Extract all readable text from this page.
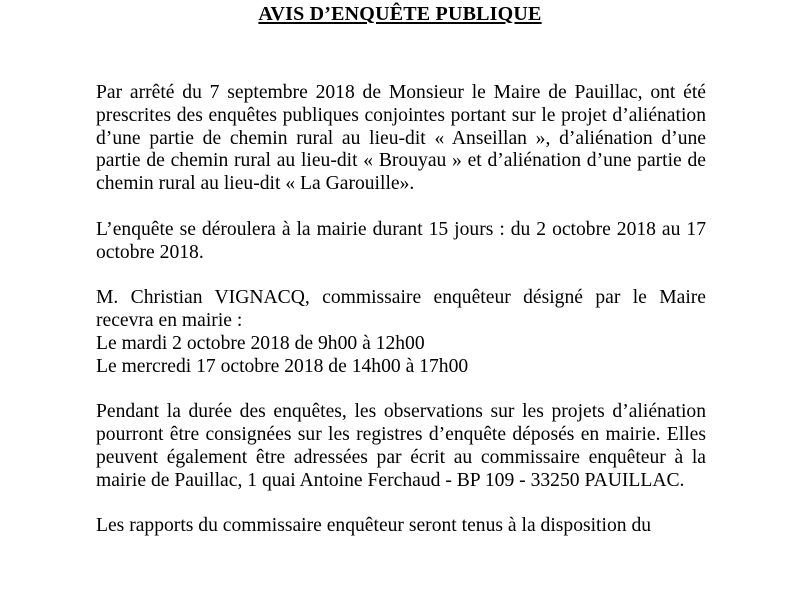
AVIS D’ENQUÊTE PUBLIQUE

Par arrêté du 7 septembre 2018 de Monsieur le Maire de Pauillac, ont été prescrites des enquêtes publiques conjointes portant sur le projet d’aliénation d’une partie de chemin rural au lieu-dit « Anseillan », d’aliénation d’une partie de chemin rural au lieu-dit « Brouyau » et d’aliénation d’une partie de chemin rural au lieu-dit « La Garouille».

L’enquête se déroulera à la mairie durant 15 jours : du 2 octobre 2018 au 17 octobre 2018.

M. Christian VIGNACQ, commissaire enquêteur désigné par le Maire recevra en mairie :

Le mardi 2 octobre 2018 de 9h00 à 12h00
Le mercredi 17 octobre 2018 de 14h00 à 17h00

Pendant la durée des enquêtes, les observations sur les projets d’aliénation pourront être consignées sur les registres d’enquête déposés en mairie. Elles peuvent également être adressées par écrit au commissaire enquêteur à la mairie de Pauillac, 1 quai Antoine Ferchaud - BP 109 - 33250 PAUILLAC.

Les rapports du commissaire enquêteur seront tenus à la disposition du
